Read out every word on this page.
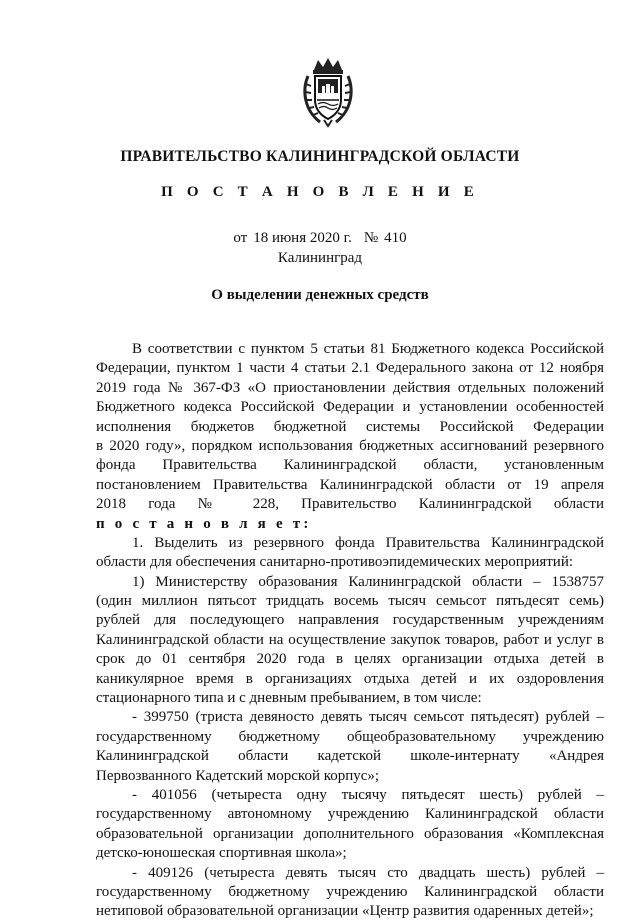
ПРАВИТЕЛЬСТВО КАЛИНИНГРАДСКОЙ ОБЛАСТИ
П О С Т А Н О В Л Е Н И Е
от 18 июня 2020 г. № 410
Калининград
О выделении денежных средств
В соответствии с пунктом 5 статьи 81 Бюджетного кодекса Российской
Федерации, пунктом 1 части 4 статьи 2.1 Федерального закона от 12 ноября
2019 года № 367-ФЗ «О приостановлении действия отдельных положений
Бюджетного кодекса Российской Федерации и установлении особенностей
исполнения бюджетов бюджетной системы Российской Федерации
в 2020 году», порядком использования бюджетных ассигнований резервного
фонда Правительства Калининградской области, установленным
постановлением Правительства Калининградской области от 19 апреля
2018 года № 228, Правительство Калининградской области
п о с т а н о в л я е т:
1. Выделить из резервного фонда Правительства Калининградской
области для обеспечения санитарно-противоэпидемических мероприятий:
1) Министерству образования Калининградской области – 1538757
(один миллион пятьсот тридцать восемь тысяч семьсот пятьдесят семь)
рублей для последующего направления государственным учреждениям
Калининградской области на осуществление закупок товаров, работ и услуг в
срок до 01 сентября 2020 года в целях организации отдыха детей в
каникулярное время в организациях отдыха детей и их оздоровления
стационарного типа и с дневным пребыванием, в том числе:
- 399750 (триста девяносто девять тысяч семьсот пятьдесят) рублей –
государственному бюджетному общеобразовательному учреждению
Калининградской области кадетской школе-интернату «Андрея
Первозванного Кадетский морской корпус»;
- 401056 (четыреста одну тысячу пятьдесят шесть) рублей –
государственному автономному учреждению Калининградской области
образовательной организации дополнительного образования «Комплексная
детско-юношеская спортивная школа»;
- 409126 (четыреста девять тысяч сто двадцать шесть) рублей –
государственному бюджетному учреждению Калининградской области
нетиповой образовательной организации «Центр развития одаренных детей»;
